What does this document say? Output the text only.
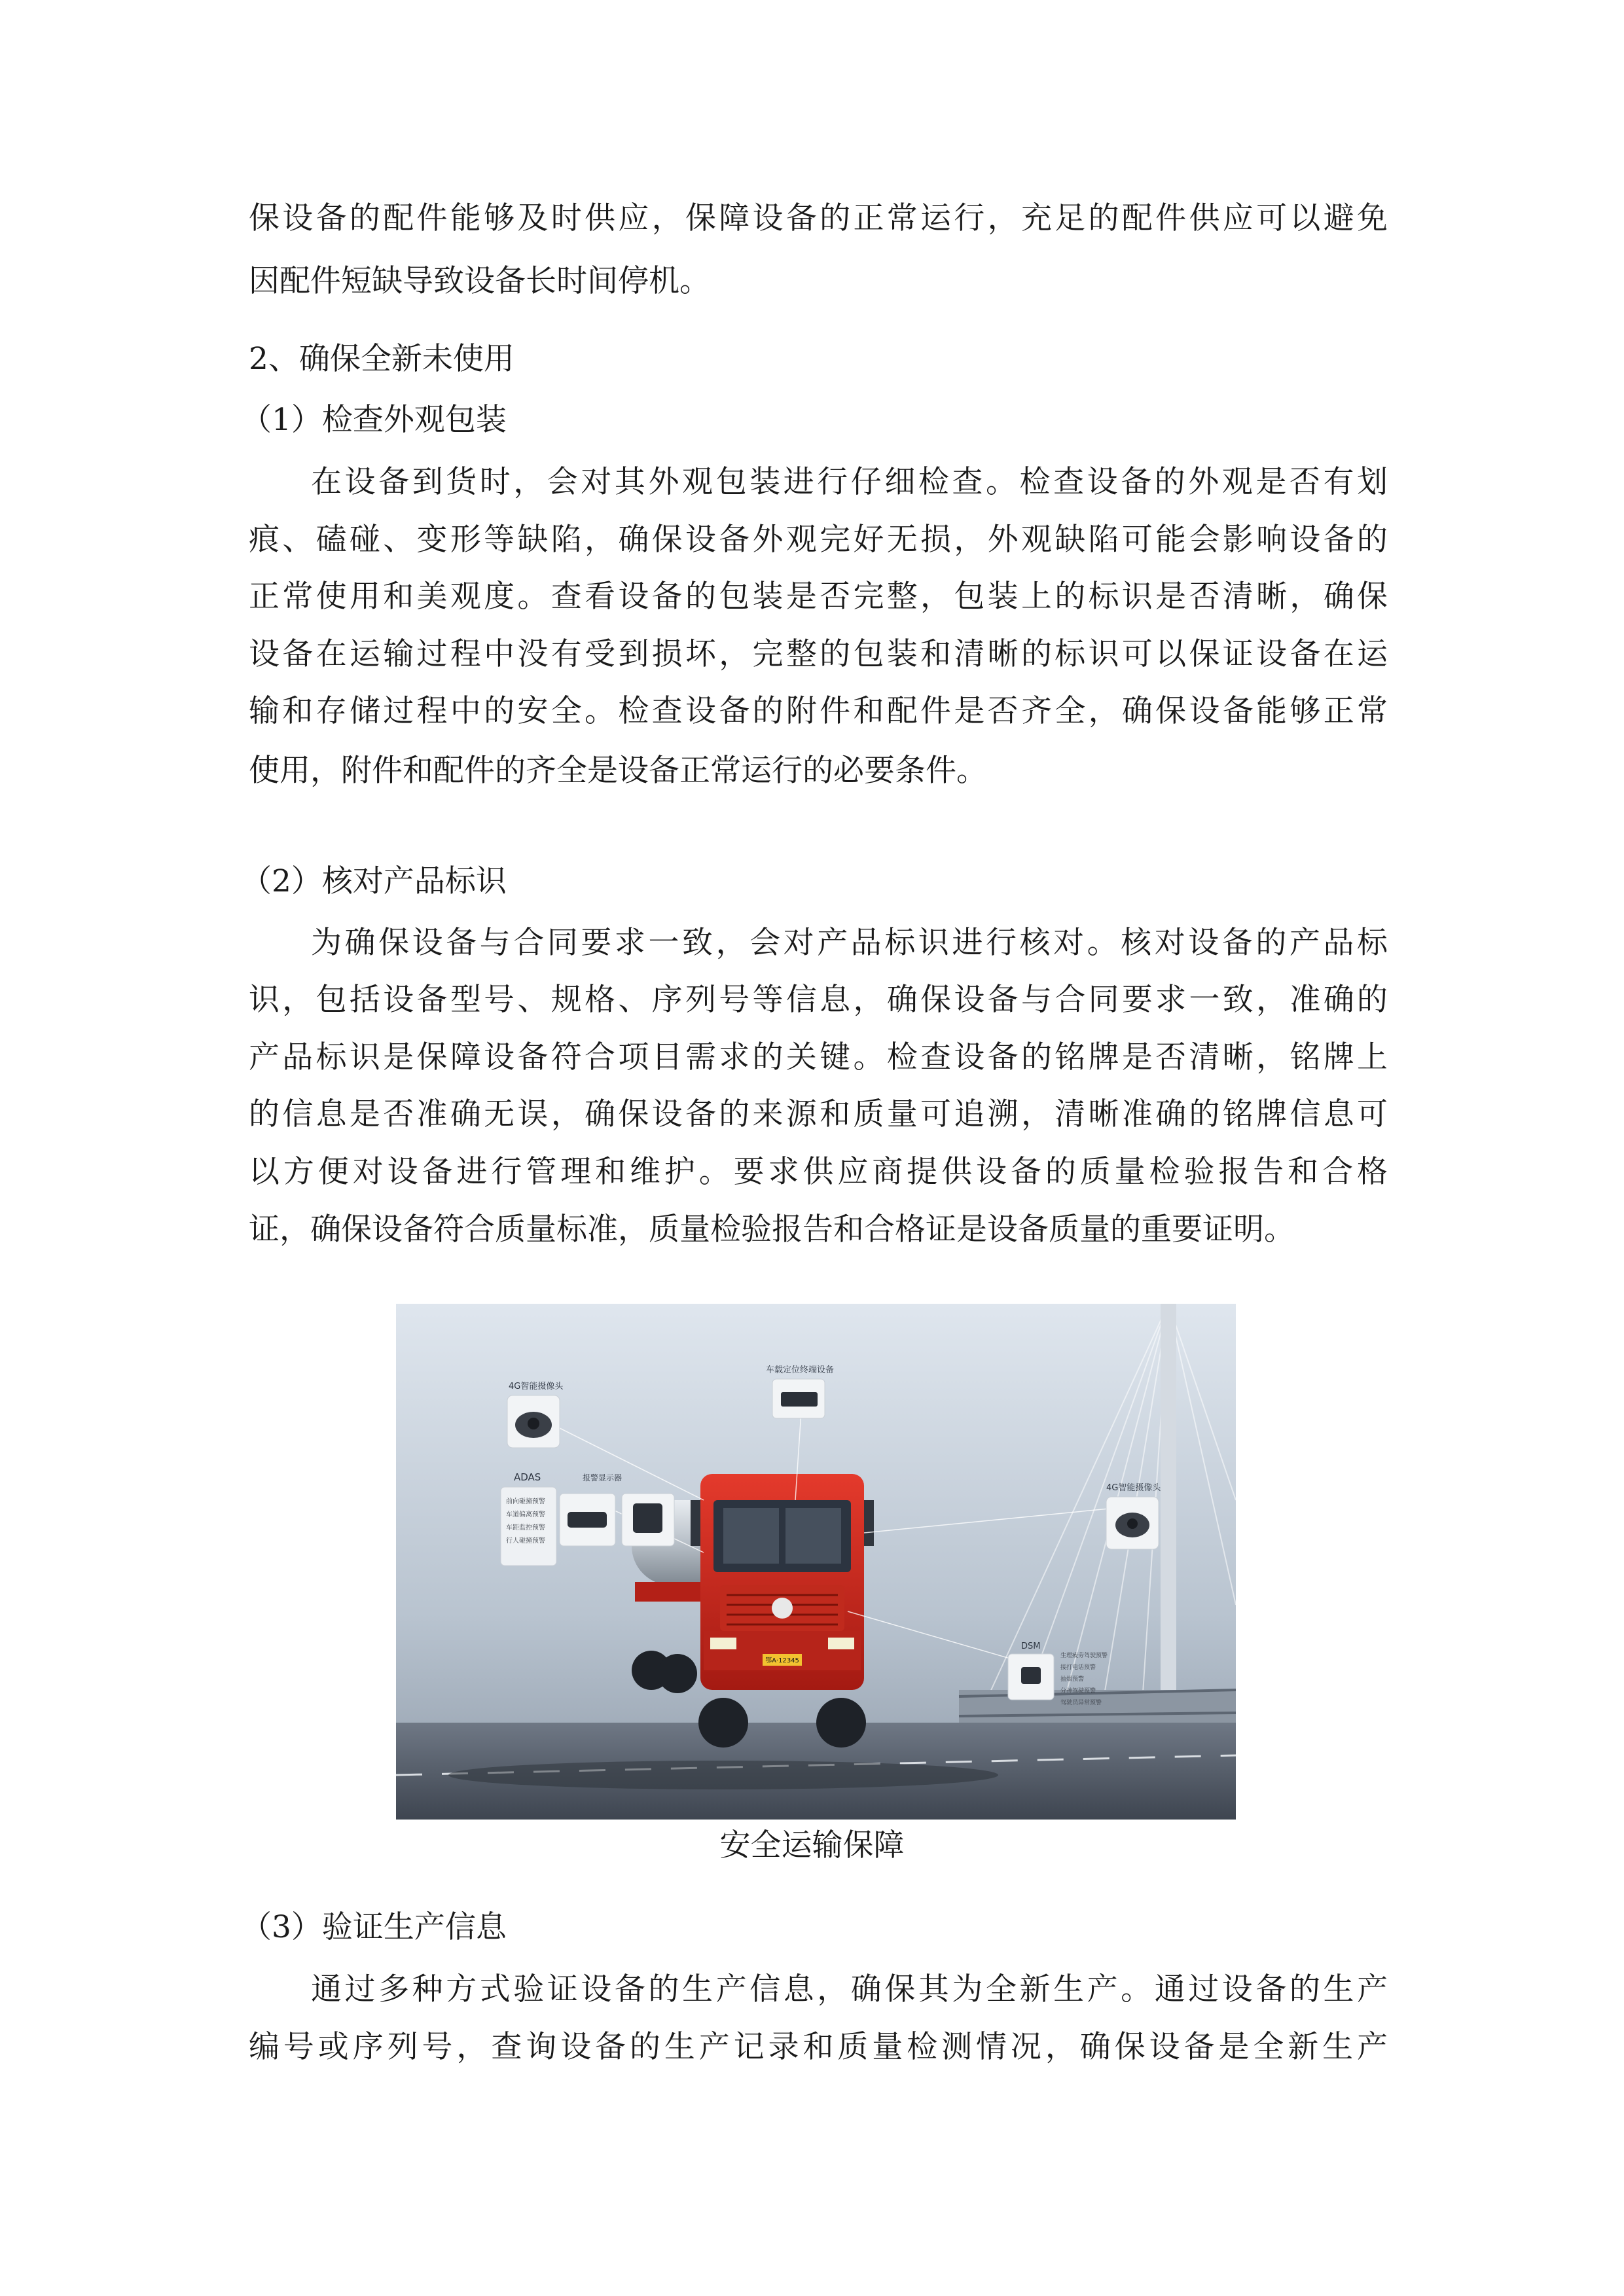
保设备的配件能够及时供应，保障设备的正常运行，充足的配件供应可以避免
因配件短缺导致设备长时间停机。
2、确保全新未使用
（1）检查外观包装
在设备到货时，会对其外观包装进行仔细检查。检查设备的外观是否有划
痕、磕碰、变形等缺陷，确保设备外观完好无损，外观缺陷可能会影响设备的
正常使用和美观度。查看设备的包装是否完整，包装上的标识是否清晰，确保
设备在运输过程中没有受到损坏，完整的包装和清晰的标识可以保证设备在运
输和存储过程中的安全。检查设备的附件和配件是否齐全，确保设备能够正常
使用，附件和配件的齐全是设备正常运行的必要条件。
（2）核对产品标识
为确保设备与合同要求一致，会对产品标识进行核对。核对设备的产品标
识，包括设备型号、规格、序列号等信息，确保设备与合同要求一致，准确的
产品标识是保障设备符合项目需求的关键。检查设备的铭牌是否清晰，铭牌上
的信息是否准确无误，确保设备的来源和质量可追溯，清晰准确的铭牌信息可
以方便对设备进行管理和维护。要求供应商提供设备的质量检验报告和合格
证，确保设备符合质量标准，质量检验报告和合格证是设备质量的重要证明。
4G智能摄像头
车载定位终端设备
ADAS	报警显示器
前向碰撞预警
车道偏离预警
车距监控预警
行人碰撞预警
4G智能摄像头
DSM
生理疲劳驾驶预警
接打电话预警
抽烟预警
分神驾驶预警
驾驶员异常预警
鄂A·12345
安全运输保障
（3）验证生产信息
通过多种方式验证设备的生产信息，确保其为全新生产。通过设备的生产
编号或序列号，查询设备的生产记录和质量检测情况，确保设备是全新生产
